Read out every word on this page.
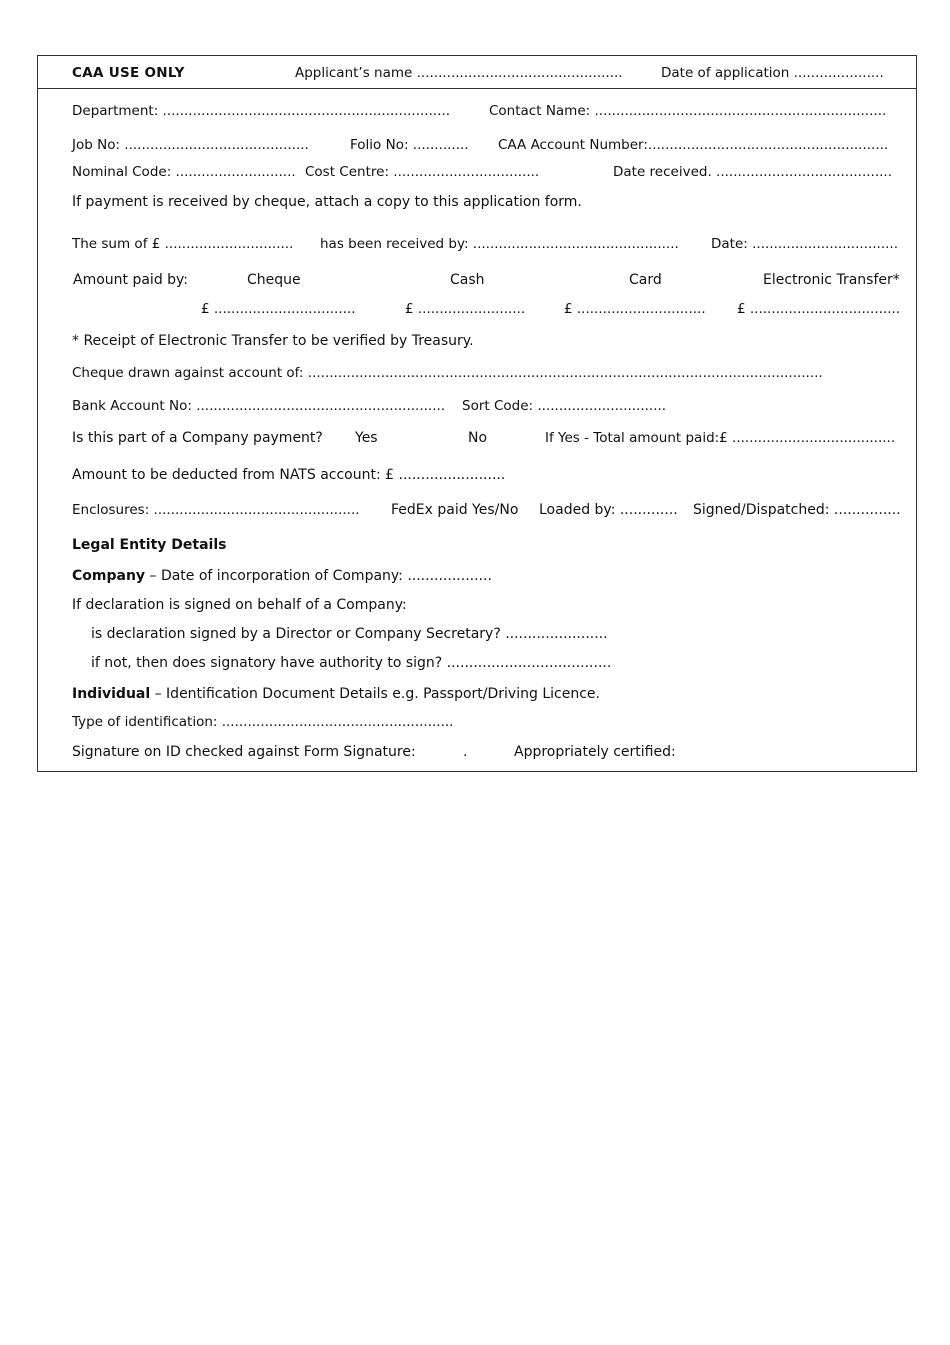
CAA USE ONLY	Applicant’s name ................................................	Date of application .....................
Department: ...................................................................	Contact Name: ....................................................................
Job No: ...........................................	Folio No: ............. CAA Account Number:........................................................
Nominal Code: ............................ Cost Centre: ..................................	Date received. .........................................
If payment is received by cheque, attach a copy to this application form.
The sum of £ .............................. has been received by: ................................................ Date: ..................................
Amount paid by:	Cheque	Cash	Card	Electronic Transfer*
£ .................................	£ .........................	£ .............................. £ ...................................
* Receipt of Electronic Transfer to be verified by Treasury.
Cheque drawn against account of: ........................................................................................................................
Bank Account No: .......................................................... Sort Code: ..............................
Is this part of a Company payment? Yes	No	If Yes - Total amount paid:£ ......................................
Amount to be deducted from NATS account: £ ........................
Enclosures: ................................................ FedEx paid Yes/No Loaded by: ............. Signed/Dispatched: ...............
Legal Entity Details
Company – Date of incorporation of Company: ...................
If declaration is signed on behalf of a Company:
is declaration signed by a Director or Company Secretary? .......................
if not, then does signatory have authority to sign? .....................................
Individual – Identification Document Details e.g. Passport/Driving Licence.
Type of identification: ......................................................
Signature on ID checked against Form Signature:	.	Appropriately certified:
